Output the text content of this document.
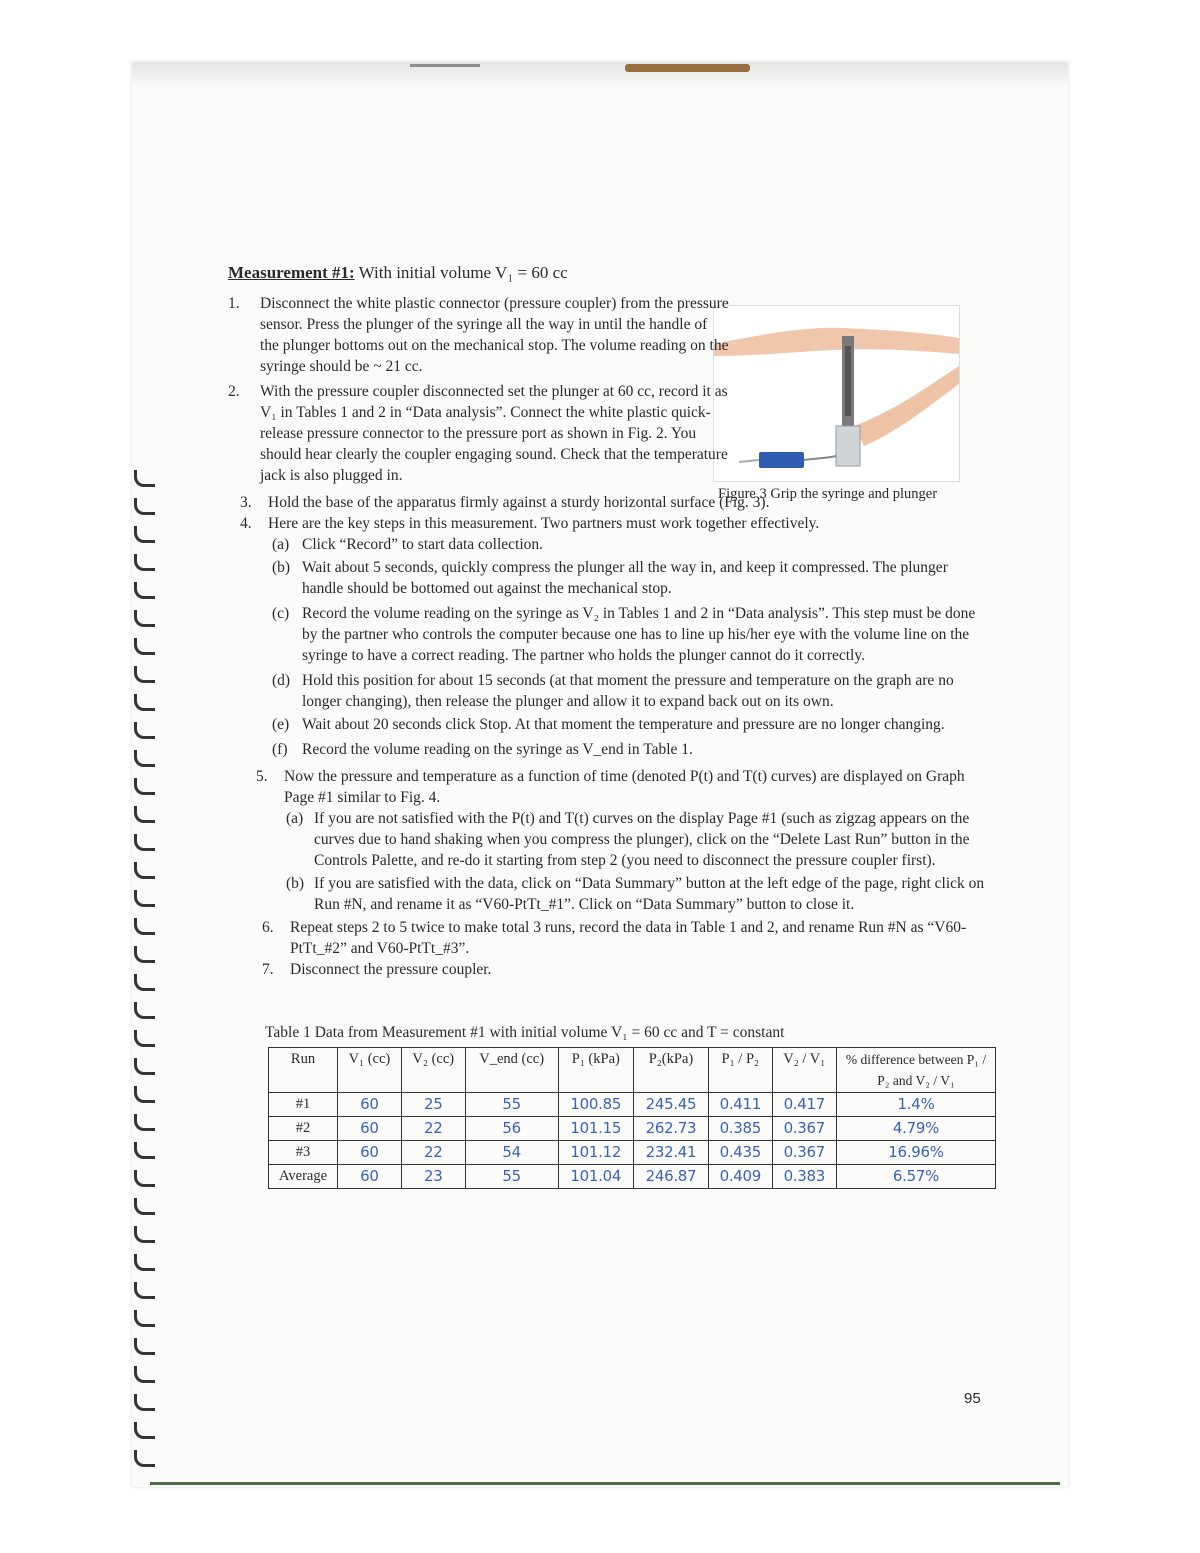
Figure 3 Grip the syringe and plunger
Measurement #1: With initial volume V₁ = 60 cc
1. Disconnect the white plastic connector (pressure coupler) from the pressure sensor. Press the plunger of the syringe all the way in until the handle of the plunger bottoms out on the mechanical stop. The volume reading on the syringe should be ~ 21 cc.
2. With the pressure coupler disconnected set the plunger at 60 cc, record it as V₁ in Tables 1 and 2 in “Data analysis”. Connect the white plastic quick-release pressure connector to the pressure port as shown in Fig. 2. You should hear clearly the coupler engaging sound. Check that the temperature jack is also plugged in.
3. Hold the base of the apparatus firmly against a sturdy horizontal surface (Fig. 3).
4. Here are the key steps in this measurement. Two partners must work together effectively.
(a) Click “Record” to start data collection.
(b) Wait about 5 seconds, quickly compress the plunger all the way in, and keep it compressed. The plunger handle should be bottomed out against the mechanical stop.
(c) Record the volume reading on the syringe as V₂ in Tables 1 and 2 in “Data analysis”. This step must be done by the partner who controls the computer because one has to line up his/her eye with the volume line on the syringe to have a correct reading. The partner who holds the plunger cannot do it correctly.
(d) Hold this position for about 15 seconds (at that moment the pressure and temperature on the graph are no longer changing), then release the plunger and allow it to expand back out on its own.
(e) Wait about 20 seconds click Stop. At that moment the temperature and pressure are no longer changing.
(f) Record the volume reading on the syringe as V_end in Table 1.
5. Now the pressure and temperature as a function of time (denoted P(t) and T(t) curves) are displayed on Graph Page #1 similar to Fig. 4.
(a) If you are not satisfied with the P(t) and T(t) curves on the display Page #1 (such as zigzag appears on the curves due to hand shaking when you compress the plunger), click on the “Delete Last Run” button in the Controls Palette, and re-do it starting from step 2 (you need to disconnect the pressure coupler first).
(b) If you are satisfied with the data, click on “Data Summary” button at the left edge of the page, right click on Run #N, and rename it as “V60-PtTt_#1”. Click on “Data Summary” button to close it.
6. Repeat steps 2 to 5 twice to make total 3 runs, record the data in Table 1 and 2, and rename Run #N as “V60-PtTt_#2” and V60-PtTt_#3”.
7. Disconnect the pressure coupler.
Table 1 Data from Measurement #1 with initial volume V₁ = 60 cc and T = constant
Run	V₁ (cc)	V₂ (cc)	V_end (cc)	P₁ (kPa)	P₂(kPa)	P₁ / P₂	V₂ / V₁	% difference between P₁ / P₂ and V₂ / V₁
#1	60	25	55	100.85	245.45	0.411	0.417	1.4%
#2	60	22	56	101.15	262.73	0.385	0.367	4.79%
#3	60	22	54	101.12	232.41	0.435	0.367	16.96%
Average	60	23	55	101.04	246.87	0.409	0.383	6.57%
95
